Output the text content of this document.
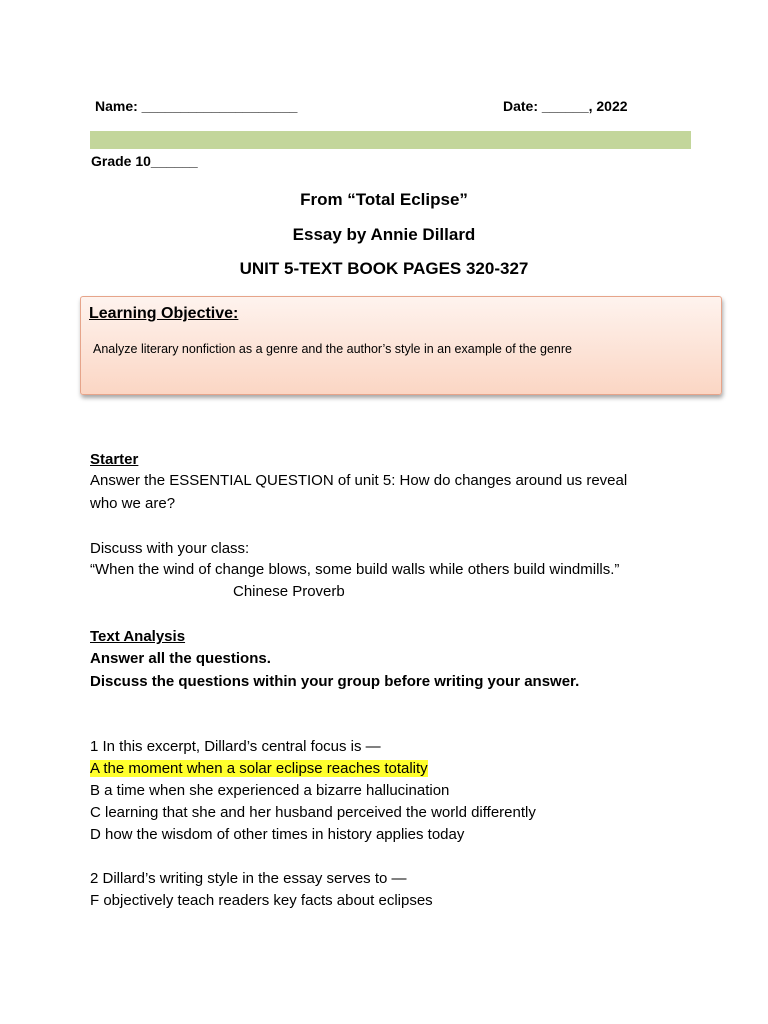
Name: ____________________	Date: ______, 2022
Grade 10______
From “Total Eclipse”
Essay by Annie Dillard
UNIT 5-TEXT BOOK PAGES 320-327
Learning Objective:
Analyze literary nonfiction as a genre and the author’s style in an example of the genre
Starter
Answer the ESSENTIAL QUESTION of unit 5: How do changes around us reveal
who we are?
Discuss with your class:
“When the wind of change blows, some build walls while others build windmills.”
Chinese Proverb
Text Analysis
Answer all the questions.
Discuss the questions within your group before writing your answer.
1 In this excerpt, Dillard’s central focus is —
A the moment when a solar eclipse reaches totality
B a time when she experienced a bizarre hallucination
C learning that she and her husband perceived the world differently
D how the wisdom of other times in history applies today
2 Dillard’s writing style in the essay serves to —
F objectively teach readers key facts about eclipses
